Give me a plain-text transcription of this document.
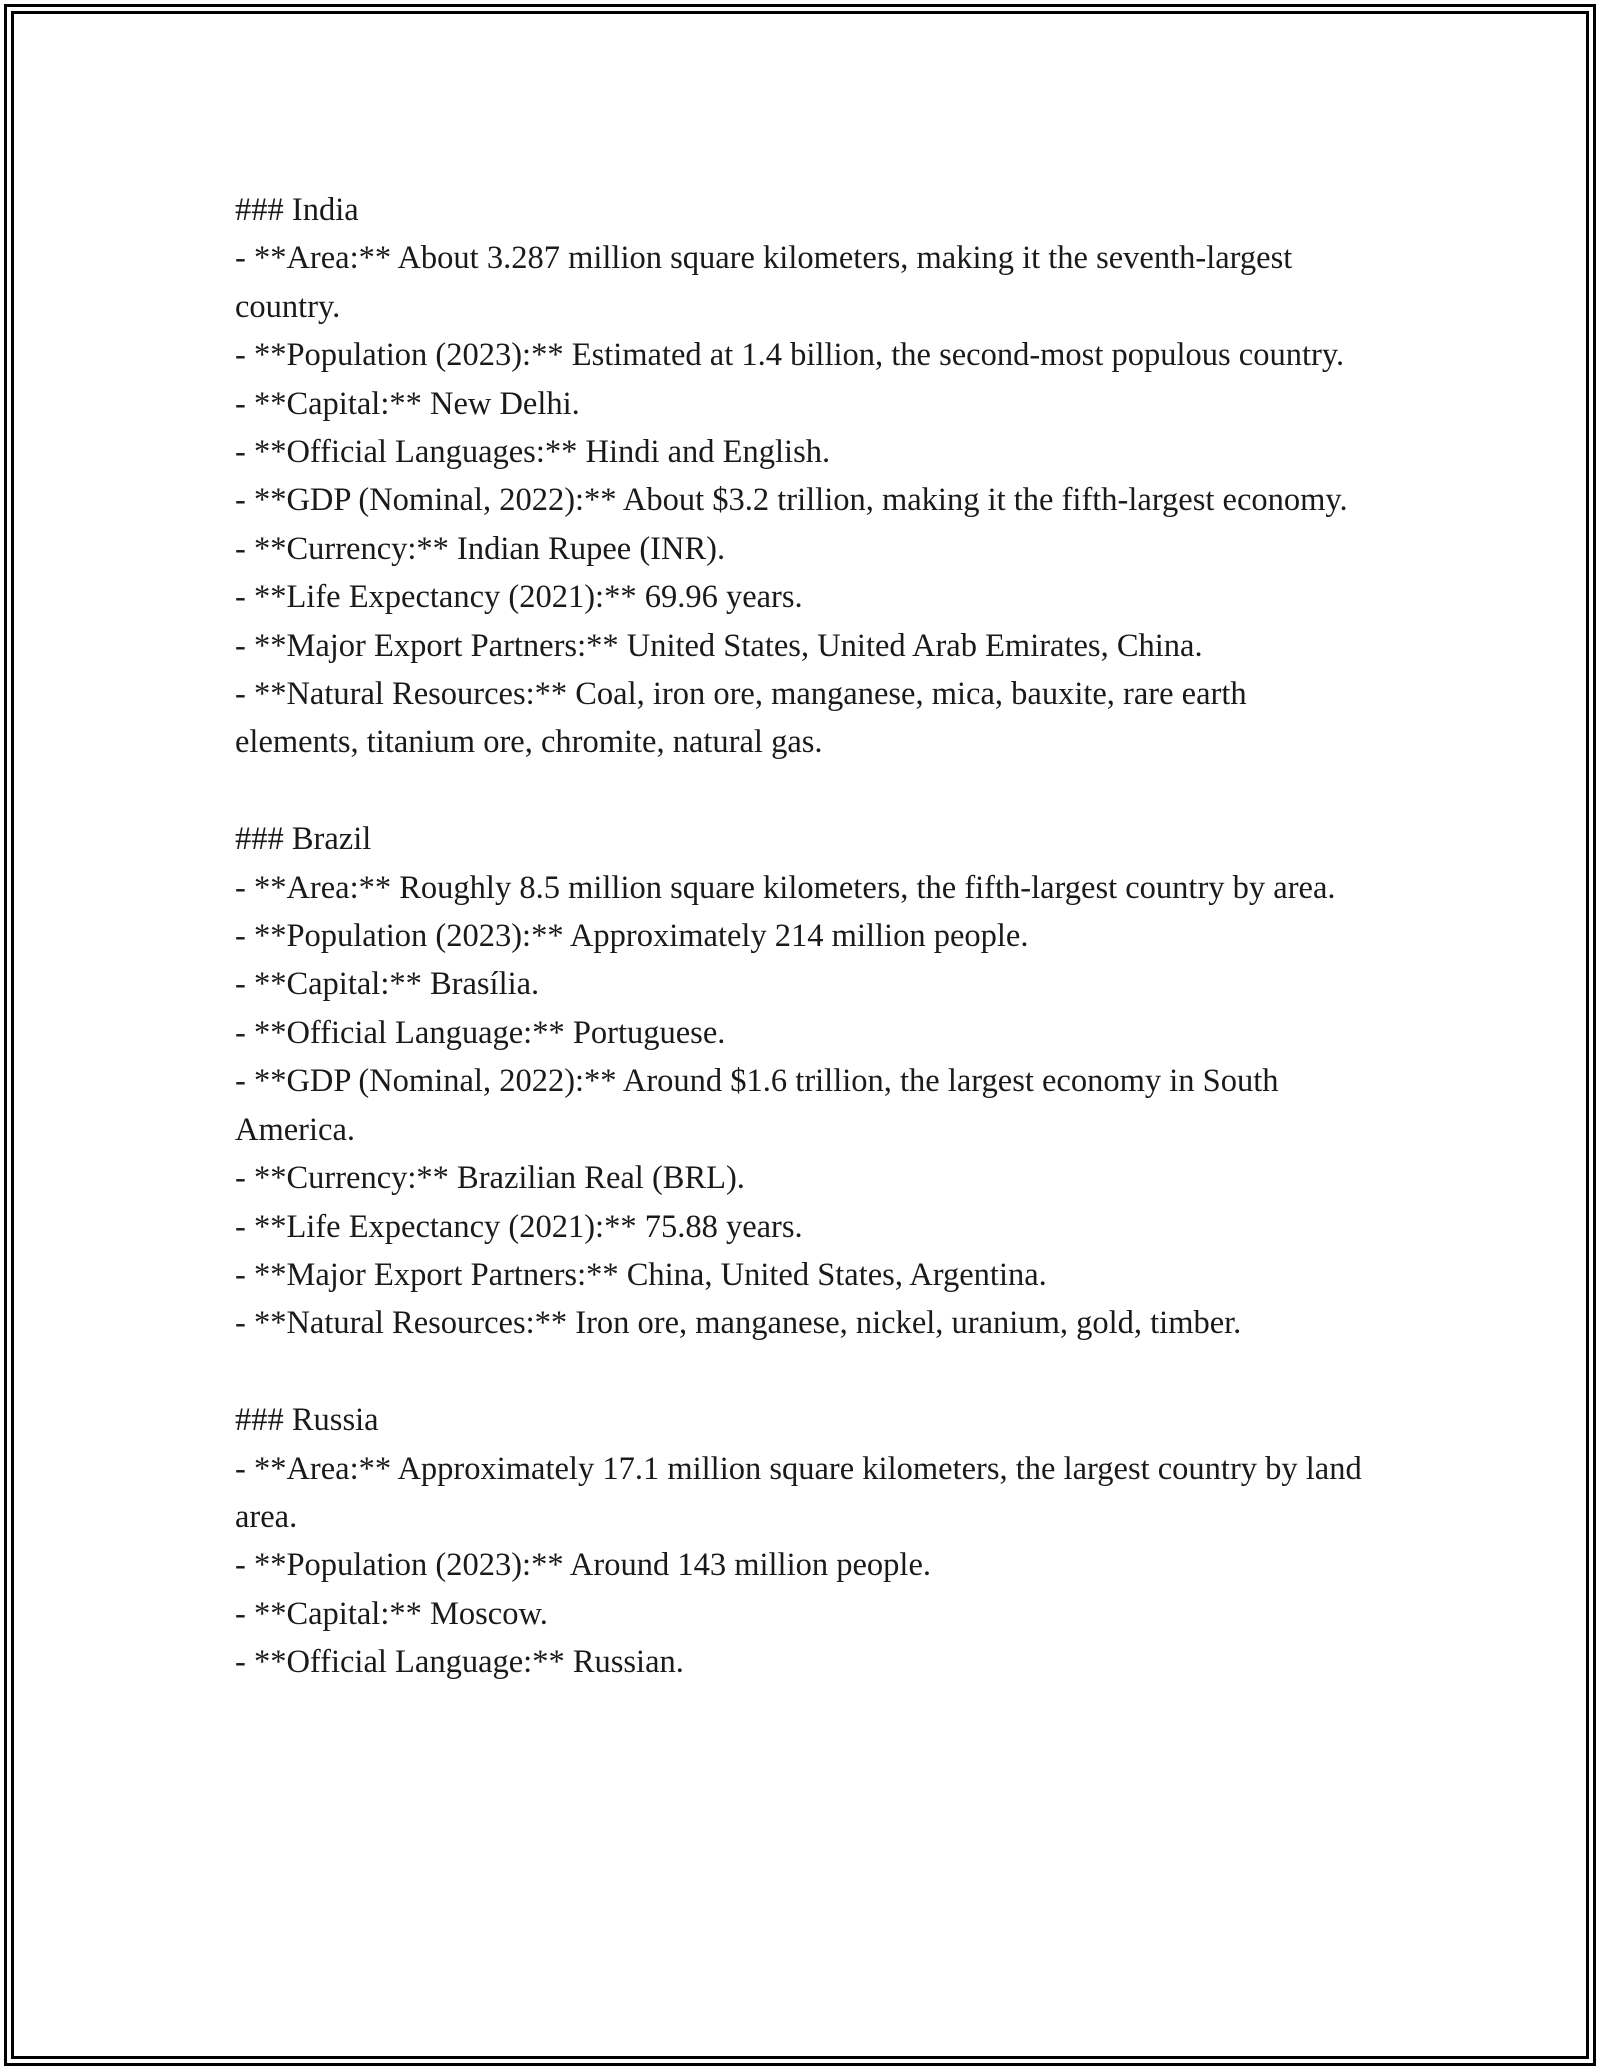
### India

- **Area:** About 3.287 million square kilometers, making it the seventh-largest country.

- **Population (2023):** Estimated at 1.4 billion, the second-most populous country.

- **Capital:** New Delhi.

- **Official Languages:** Hindi and English.

- **GDP (Nominal, 2022):** About $3.2 trillion, making it the fifth-largest economy.

- **Currency:** Indian Rupee (INR).

- **Life Expectancy (2021):** 69.96 years.

- **Major Export Partners:** United States, United Arab Emirates, China.

- **Natural Resources:** Coal, iron ore, manganese, mica, bauxite, rare earth elements, titanium ore, chromite, natural gas.

### Brazil

- **Area:** Roughly 8.5 million square kilometers, the fifth-largest country by area.

- **Population (2023):** Approximately 214 million people.

- **Capital:** Brasília.

- **Official Language:** Portuguese.

- **GDP (Nominal, 2022):** Around $1.6 trillion, the largest economy in South America.

- **Currency:** Brazilian Real (BRL).

- **Life Expectancy (2021):** 75.88 years.

- **Major Export Partners:** China, United States, Argentina.

- **Natural Resources:** Iron ore, manganese, nickel, uranium, gold, timber.

### Russia

- **Area:** Approximately 17.1 million square kilometers, the largest country by land area.

- **Population (2023):** Around 143 million people.

- **Capital:** Moscow.

- **Official Language:** Russian.
